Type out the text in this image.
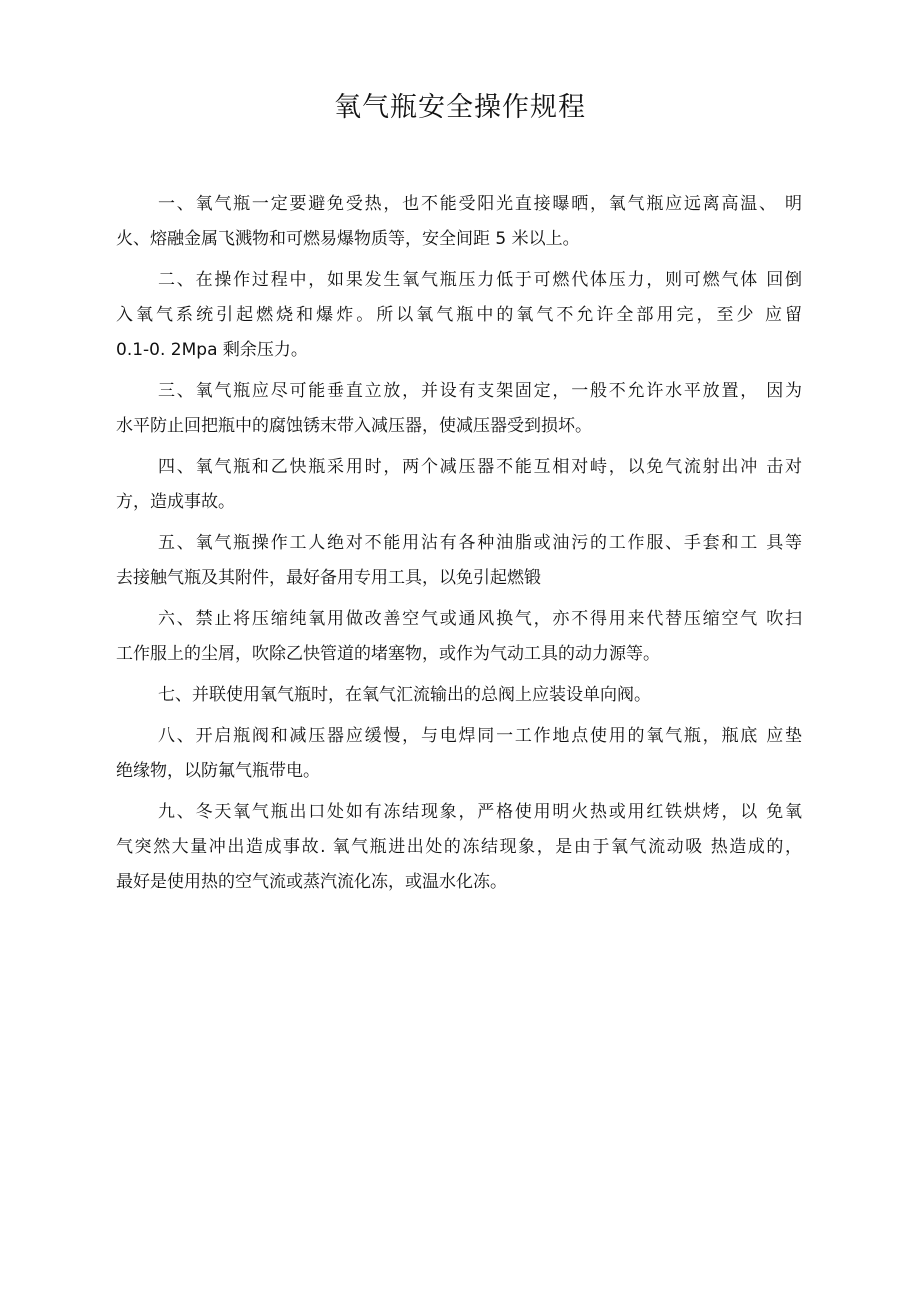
氧气瓶安全操作规程
一、氧气瓶一定要避免受热，也不能受阳光直接曝晒，氧气瓶应远离高温、 明
火、熔融金属飞溅物和可燃易爆物质等，安全间距 5 米以上。
二、在操作过程中，如果发生氧气瓶压力低于可燃代体压力，则可燃气体 回倒
入氧气系统引起燃烧和爆炸。所以氧气瓶中的氧气不允许全部用完，至少 应留
0.1-0. 2Mpa 剩余压力。
三、氧气瓶应尽可能垂直立放，并设有支架固定，一般不允许水平放置， 因为
水平防止回把瓶中的腐蚀锈末带入减压器，使减压器受到损坏。
四、氧气瓶和乙快瓶采用时，两个减压器不能互相对峙，以免气流射出冲 击对
方，造成事故。
五、氧气瓶操作工人绝对不能用沾有各种油脂或油污的工作服、手套和工 具等
去接触气瓶及其附件，最好备用专用工具，以免引起燃锻
六、禁止将压缩纯氧用做改善空气或通风换气，亦不得用来代替压缩空气 吹扫
工作服上的尘屑，吹除乙快管道的堵塞物，或作为气动工具的动力源等。
七、并联使用氧气瓶时，在氧气汇流输出的总阀上应装设单向阀。
八、开启瓶阀和减压器应缓慢，与电焊同一工作地点使用的氧气瓶，瓶底 应垫
绝缘物，以防氟气瓶带电。
九、冬天氧气瓶出口处如有冻结现象，严格使用明火热或用红铁烘烤，以 免氧
气突然大量冲出造成事故. 氧气瓶进出处的冻结现象，是由于氧气流动吸 热造成的，
最好是使用热的空气流或蒸汽流化冻，或温水化冻。
